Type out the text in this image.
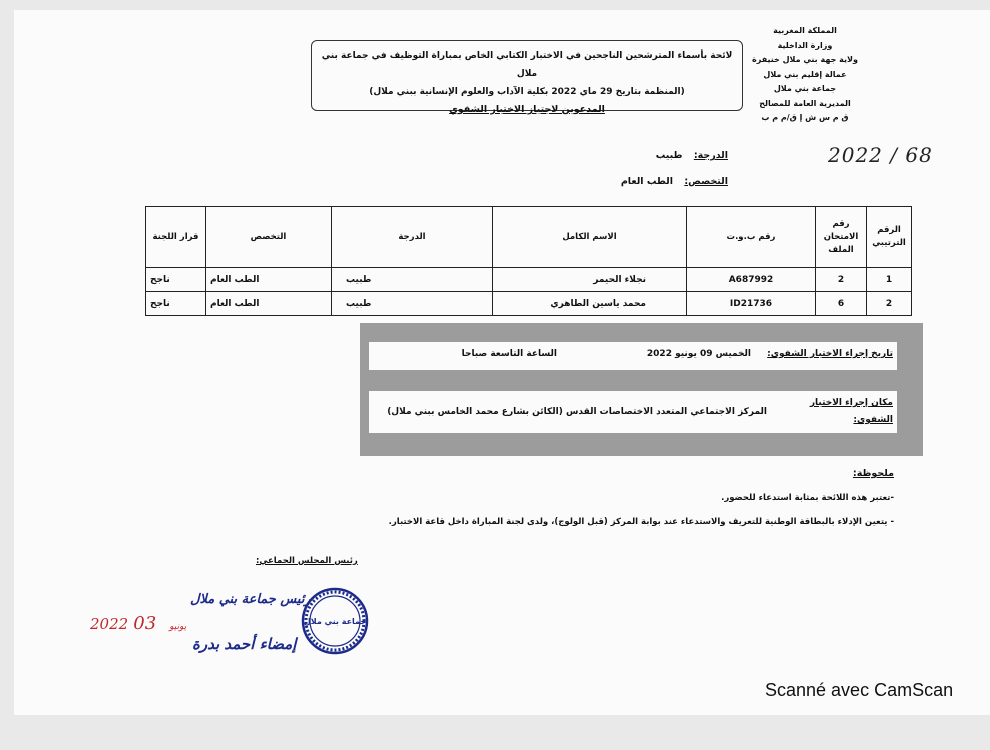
المملكة المغربية
وزارة الداخلية
ولاية جهة بني ملال خنيفرة
عمالة إقليم بني ملال
جماعة بني ملال
المديرية العامة للمصالح
ق م س ش إ ق/م م ب
2022 / 68
لائحة بأسماء المترشحين الناجحين في الاختبار الكتابي الخاص بمباراة التوظيف في جماعة بني ملال
(المنظمة بتاريخ 29 ماي 2022 بكلية الآداب والعلوم الإنسانية ببني ملال)
المدعوين لاجتياز الاختبار الشفوي
الدرجة: طبيب
التخصص: الطب العام
الرقم الترتيبي	رقم الامتحان الملف	رقم ب.و.ت	الاسم الكامل	الدرجة	التخصص	قرار اللجنة
1	2	A687992	نجلاء الحيمر	طبيب	الطب العام	ناجح
2	6	ID21736	محمد ياسين الطاهري	طبيب	الطب العام	ناجح
تاريخ إجراء الاختبار الشفوي:
الخميس 09 يونيو 2022
الساعة التاسعة صباحا
مكان إجراء الاختبار
الشفوي:
المركز الاجتماعي المتعدد الاختصاصات القدس (الكائن بشارع محمد الخامس ببني ملال)
ملحوظة:
-تعتبر هذه اللائحة بمثابة استدعاء للحضور.
- يتعين الإدلاء بالبطاقة الوطنية للتعريف والاستدعاء عند بوابة المركز (قبل الولوج)، ولدى لجنة المباراة داخل قاعة الاختبار.
رئيس المجلس الجماعي:
2022	يونيو 03
رئيس جماعة بني ملال
إمضاء أحمد بدرة
جماعة بني ملال
Scanné avec CamScan
